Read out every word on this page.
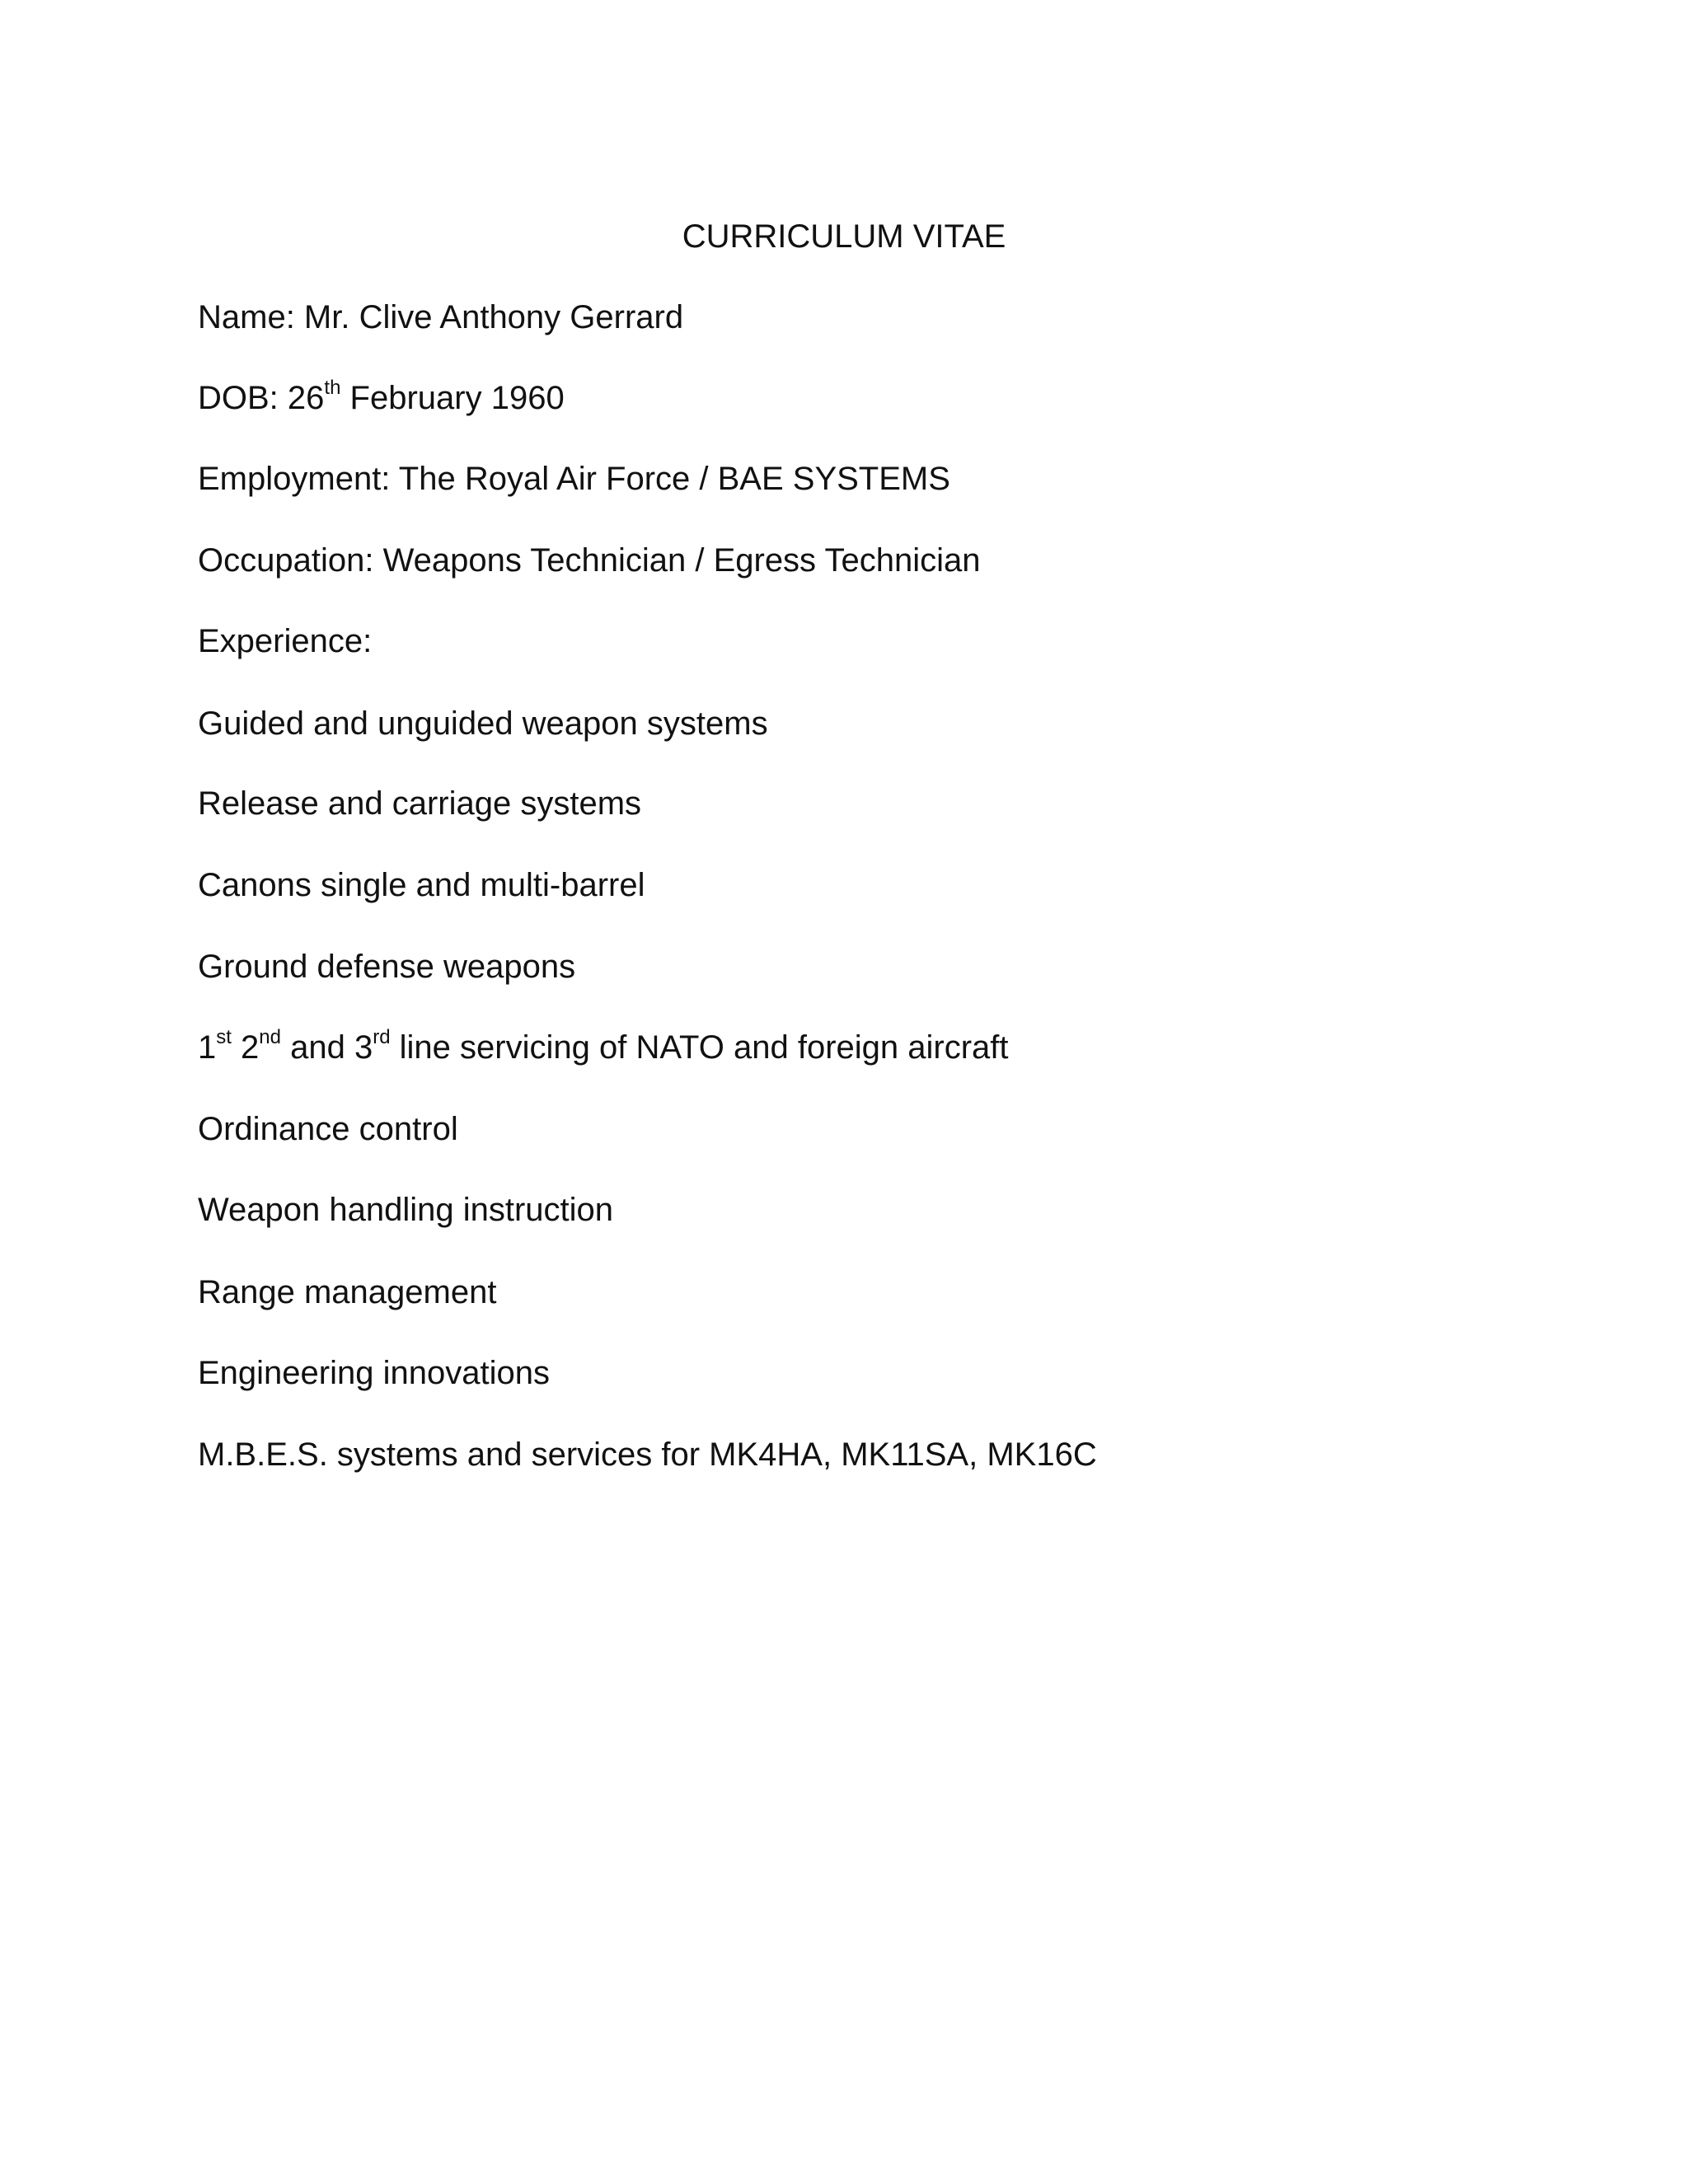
CURRICULUM VITAE
Name: Mr. Clive Anthony Gerrard
DOB: 26th February 1960
Employment: The Royal Air Force / BAE SYSTEMS
Occupation: Weapons Technician / Egress Technician
Experience:
Guided and unguided weapon systems
Release and carriage systems
Canons single and multi-barrel
Ground defense weapons
1st 2nd and 3rd line servicing of NATO and foreign aircraft
Ordinance control
Weapon handling instruction
Range management
Engineering innovations
M.B.E.S. systems and services for MK4HA, MK11SA, MK16C
